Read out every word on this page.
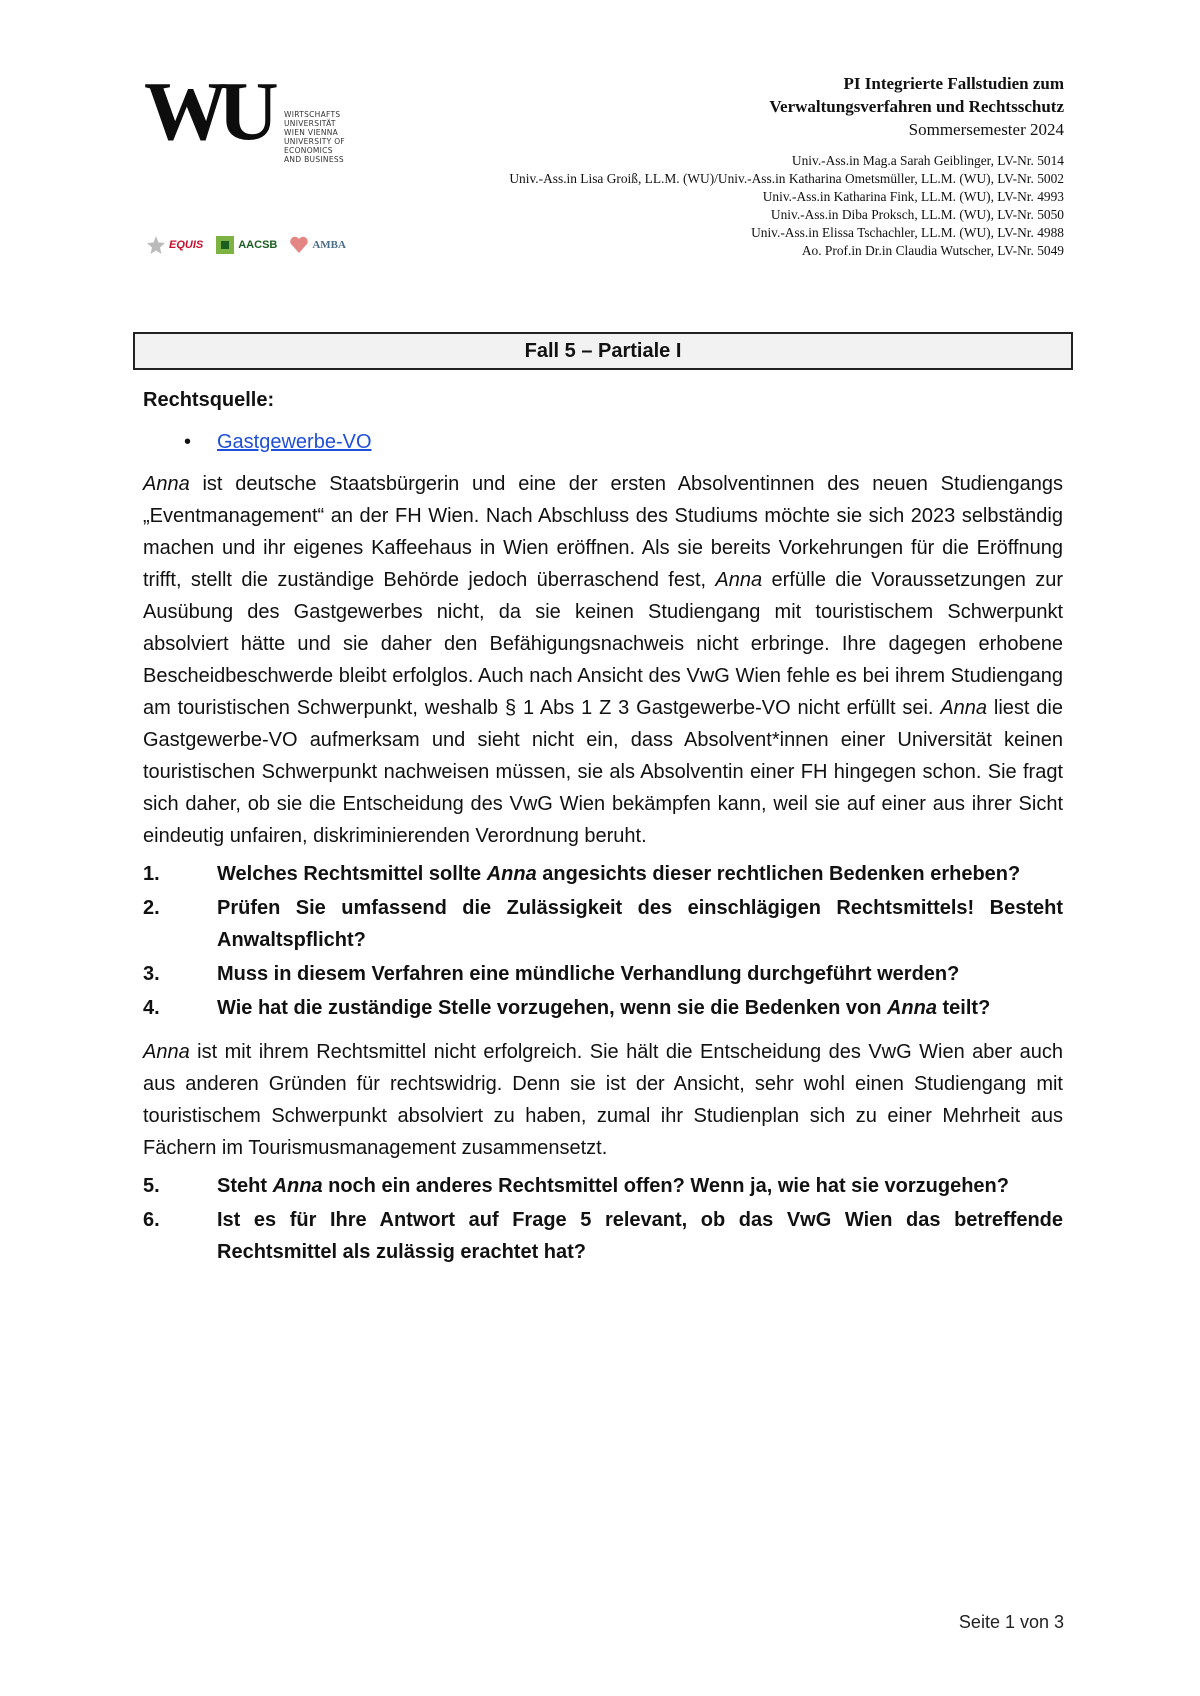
WU WIRTSCHAFTS
UNIVERSITÄT
WIEN VIENNA
UNIVERSITY OF
ECONOMICS
AND BUSINESS
EQUIS	AACSB	AMBA
PI Integrierte Fallstudien zum
Verwaltungsverfahren und Rechtsschutz
Sommersemester 2024
Univ.-Ass.in Mag.a Sarah Geiblinger, LV-Nr. 5014
Univ.-Ass.in Lisa Groiß, LL.M. (WU)/Univ.-Ass.in Katharina Ometsmüller, LL.M. (WU), LV-Nr. 5002
Univ.-Ass.in Katharina Fink, LL.M. (WU), LV-Nr. 4993
Univ.-Ass.in Diba Proksch, LL.M. (WU), LV-Nr. 5050
Univ.-Ass.in Elissa Tschachler, LL.M. (WU), LV-Nr. 4988
Ao. Prof.in Dr.in Claudia Wutscher, LV-Nr. 5049
Fall 5 – Partiale I
Rechtsquelle:
• Gastgewerbe-VO

Anna ist deutsche Staatsbürgerin und eine der ersten Absolventinnen des neuen Studiengangs „Eventmanagement“ an der FH Wien. Nach Abschluss des Studiums möchte sie sich 2023 selbständig machen und ihr eigenes Kaffeehaus in Wien eröffnen. Als sie bereits Vorkehrungen für die Eröffnung trifft, stellt die zuständige Behörde jedoch überraschend fest, Anna erfülle die Voraussetzungen zur Ausübung des Gastgewerbes nicht, da sie keinen Studiengang mit touristischem Schwerpunkt absolviert hätte und sie daher den Befähigungsnachweis nicht erbringe. Ihre dagegen erhobene Bescheidbeschwerde bleibt erfolglos. Auch nach Ansicht des VwG Wien fehle es bei ihrem Studiengang am touristischen Schwerpunkt, weshalb § 1 Abs 1 Z 3 Gastgewerbe-VO nicht erfüllt sei. Anna liest die Gastgewerbe-VO aufmerksam und sieht nicht ein, dass Absolvent*innen einer Universität keinen touristischen Schwerpunkt nachweisen müssen, sie als Absolventin einer FH hingegen schon. Sie fragt sich daher, ob sie die Entscheidung des VwG Wien bekämpfen kann, weil sie auf einer aus ihrer Sicht eindeutig unfairen, diskriminierenden Verordnung beruht.

1.	Welches Rechtsmittel sollte Anna angesichts dieser rechtlichen Bedenken erheben?
2.	Prüfen Sie umfassend die Zulässigkeit des einschlägigen Rechtsmittels! Besteht Anwaltspflicht?
3.	Muss in diesem Verfahren eine mündliche Verhandlung durchgeführt werden?
4.	Wie hat die zuständige Stelle vorzugehen, wenn sie die Bedenken von Anna teilt?

Anna ist mit ihrem Rechtsmittel nicht erfolgreich. Sie hält die Entscheidung des VwG Wien aber auch aus anderen Gründen für rechtswidrig. Denn sie ist der Ansicht, sehr wohl einen Studiengang mit touristischem Schwerpunkt absolviert zu haben, zumal ihr Studienplan sich zu einer Mehrheit aus Fächern im Tourismusmanagement zusammensetzt.

5.	Steht Anna noch ein anderes Rechtsmittel offen? Wenn ja, wie hat sie vorzugehen?
6.	Ist es für Ihre Antwort auf Frage 5 relevant, ob das VwG Wien das betreffende Rechtsmittel als zulässig erachtet hat?
Seite 1 von 3
